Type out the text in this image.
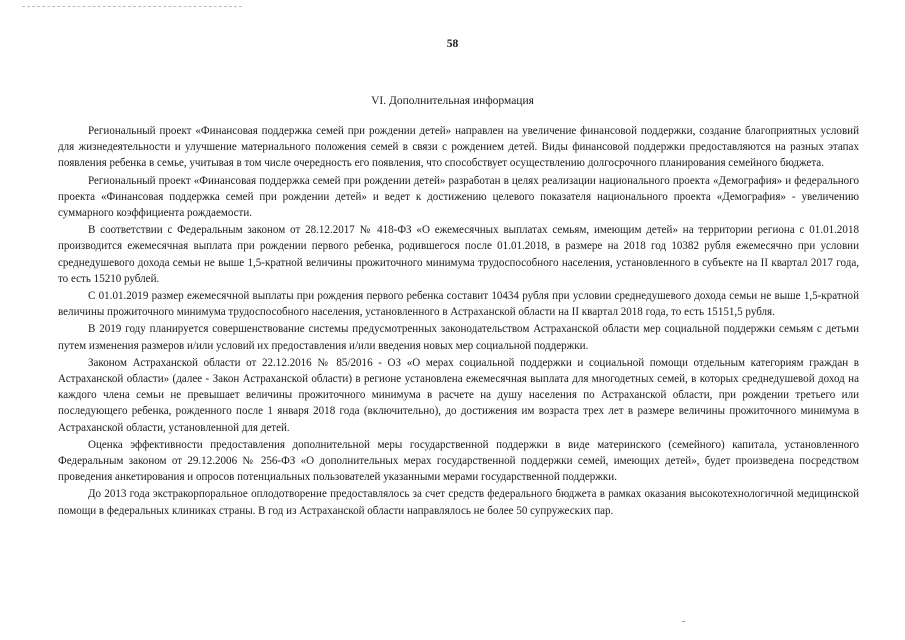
58
VI. Дополнительная информация

Региональный проект «Финансовая поддержка семей при рождении детей» направлен на увеличение финансовой поддержки, создание благоприятных условий для жизнедеятельности и улучшение материального положения семей в связи с рождением детей. Виды финансовой поддержки предоставляются на разных этапах появления ребенка в семье, учитывая в том числе очередность его появления, что способствует осуществлению долгосрочного планирования семейного бюджета.

Региональный проект «Финансовая поддержка семей при рождении детей» разработан в целях реализации национального проекта «Демография» и федерального проекта «Финансовая поддержка семей при рождении детей» и ведет к достижению целевого показателя национального проекта «Демография» - увеличению суммарного коэффициента рождаемости.

В соответствии с Федеральным законом от 28.12.2017 № 418-ФЗ «О ежемесячных выплатах семьям, имеющим детей» на территории региона с 01.01.2018 производится ежемесячная выплата при рождении первого ребенка, родившегося после 01.01.2018, в размере на 2018 год 10382 рубля ежемесячно при условии среднедушевого дохода семьи не выше 1,5-кратной величины прожиточного минимума трудоспособного населения, установленного в субъекте на II квартал 2017 года, то есть 15210 рублей.

С 01.01.2019 размер ежемесячной выплаты при рождения первого ребенка составит 10434 рубля при условии среднедушевого дохода семьи не выше 1,5-кратной величины прожиточного минимума трудоспособного населения, установленного в Астраханской области на II квартал 2018 года, то есть 15151,5 рубля.

В 2019 году планируется совершенствование системы предусмотренных законодательством Астраханской области мер социальной поддержки семьям с детьми путем изменения размеров и/или условий их предоставления и/или введения новых мер социальной поддержки.

Законом Астраханской области от 22.12.2016 № 85/2016 - ОЗ «О мерах социальной поддержки и социальной помощи отдельным категориям граждан в Астраханской области» (далее - Закон Астраханской области) в регионе установлена ежемесячная выплата для многодетных семей, в которых среднедушевой доход на каждого члена семьи не превышает величины прожиточного минимума в расчете на душу населения по Астраханской области, при рождении третьего или последующего ребенка, рожденного после 1 января 2018 года (включительно), до достижения им возраста трех лет в размере величины прожиточного минимума в Астраханской области, установленной для детей.

Оценка эффективности предоставления дополнительной меры государственной поддержки в виде материнского (семейного) капитала, установленного Федеральным законом от 29.12.2006 № 256-ФЗ «О дополнительных мерах государственной поддержки семей, имеющих детей», будет произведена посредством проведения анкетирования и опросов потенциальных пользователей указанными мерами государственной поддержки.

До 2013 года экстракорпоральное оплодотворение предоставлялось за счет средств федерального бюджета в рамках оказания высокотехнологичной медицинской помощи в федеральных клиниках страны. В год из Астраханской области направлялось не более 50 супружеских пар.
